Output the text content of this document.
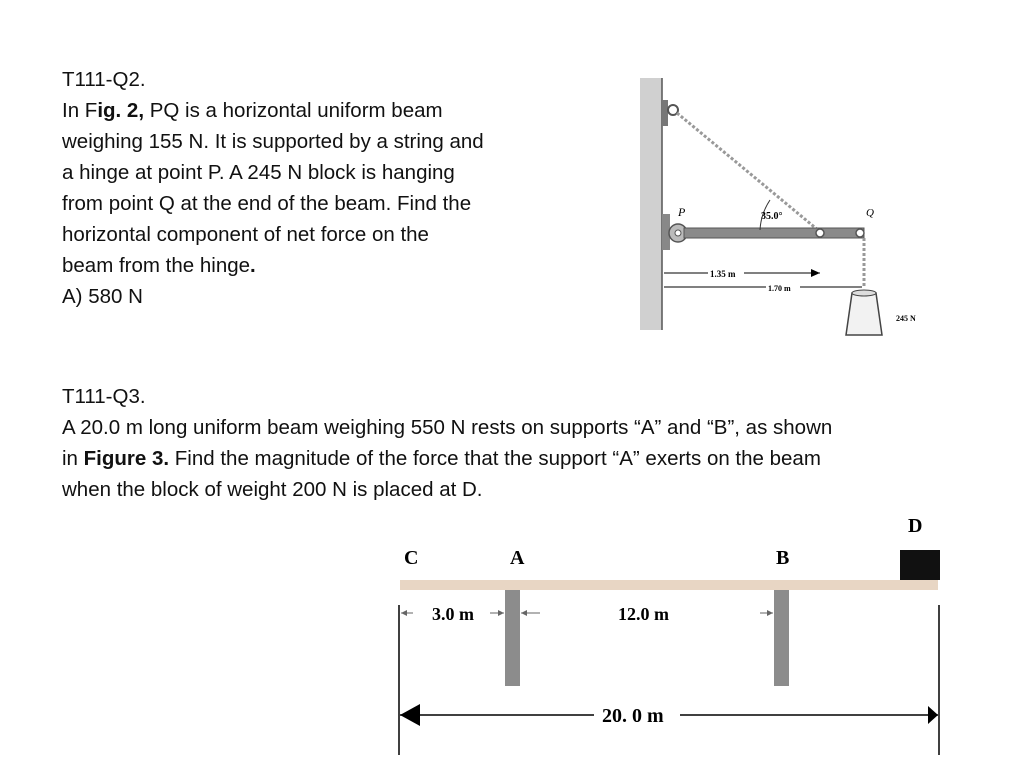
T111-Q2.
In Fig. 2, PQ is a horizontal uniform beam
weighing 155 N. It is supported by a string and
a hinge at point P. A 245 N block is hanging
from point Q at the end of the beam. Find the
horizontal component of net force on the
beam from the hinge.
A) 580 N
35.0°
P	Q
245 N
1.35 m
1.70 m
T111-Q3.
A 20.0 m long uniform beam weighing 550 N rests on supports “A” and “B”, as shown
in Figure 3. Find the magnitude of the force that the support “A” exerts on the beam
when the block of weight 200 N is placed at D.
C	A	B
D
3.0 m	12.0 m
20. 0 m
